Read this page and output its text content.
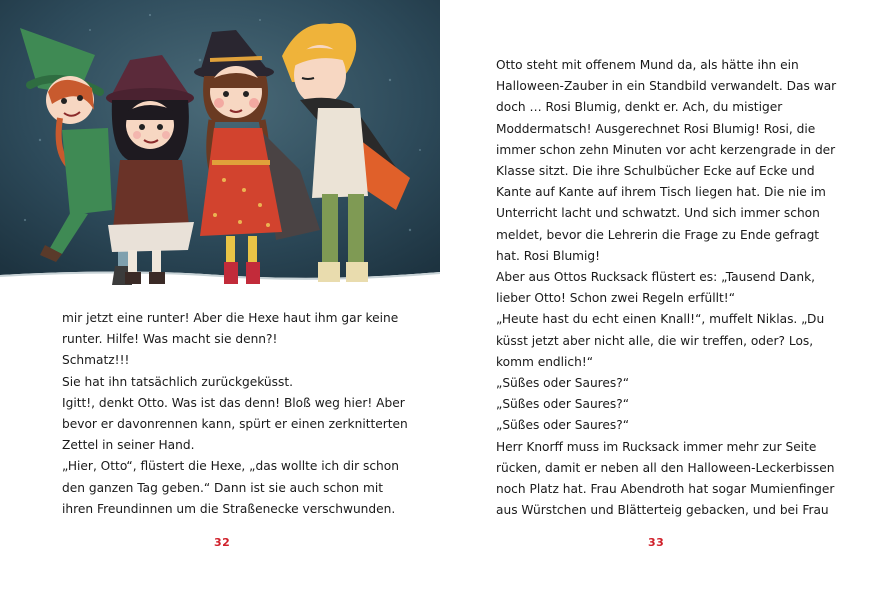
mir jetzt eine runter! Aber die Hexe haut ihm gar keine

runter. Hilfe! Was macht sie denn?!

Schmatz!!!

Sie hat ihn tatsächlich zurückgeküsst.

Igitt!, denkt Otto. Was ist das denn! Bloß weg hier! Aber

bevor er davonrennen kann, spürt er einen zerknitterten

Zettel in seiner Hand.

„Hier, Otto“, flüstert die Hexe, „das wollte ich dir schon

den ganzen Tag geben.“ Dann ist sie auch schon mit

ihren Freundinnen um die Straßenecke verschwunden.

32

Otto steht mit offenem Mund da, als hätte ihn ein

Halloween-Zauber in ein Standbild verwandelt. Das war

doch … Rosi Blumig, denkt er. Ach, du mistiger

Moddermatsch! Ausgerechnet Rosi Blumig! Rosi, die

immer schon zehn Minuten vor acht kerzengrade in der

Klasse sitzt. Die ihre Schulbücher Ecke auf Ecke und

Kante auf Kante auf ihrem Tisch liegen hat. Die nie im

Unterricht lacht und schwatzt. Und sich immer schon

meldet, bevor die Lehrerin die Frage zu Ende gefragt

hat. Rosi Blumig!

Aber aus Ottos Rucksack flüstert es: „Tausend Dank,

lieber Otto! Schon zwei Regeln erfüllt!“

„Heute hast du echt einen Knall!“, muffelt Niklas. „Du

küsst jetzt aber nicht alle, die wir treffen, oder? Los,

komm endlich!“

„Süßes oder Saures?“

„Süßes oder Saures?“

„Süßes oder Saures?“

Herr Knorff muss im Rucksack immer mehr zur Seite

rücken, damit er neben all den Halloween-Leckerbissen

noch Platz hat. Frau Abendroth hat sogar Mumienfinger

aus Würstchen und Blätterteig gebacken, und bei Frau

33
